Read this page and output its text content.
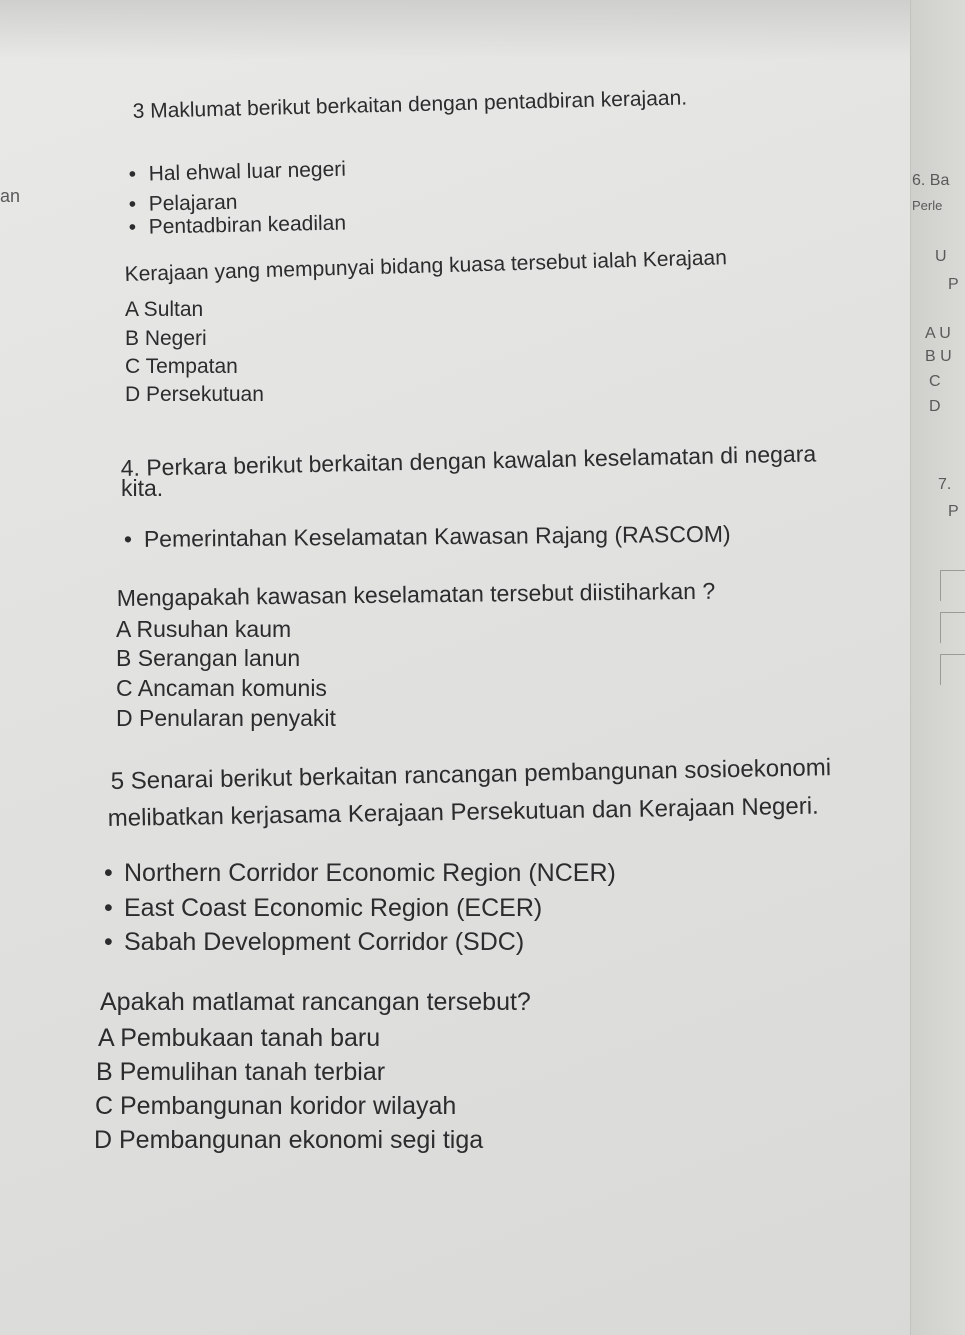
an

3 Maklumat berikut berkaitan dengan pentadbiran kerajaan.

• Hal ehwal luar negeri

• Pelajaran

• Pentadbiran keadilan

Kerajaan yang mempunyai bidang kuasa tersebut ialah Kerajaan

A Sultan

B Negeri

C Tempatan

D Persekutuan

6. Ba

Perle

U

P

A U

B U

C

D

7.

P

4. Perkara berikut berkaitan dengan kawalan keselamatan di negara

kita.

• Pemerintahan Keselamatan Kawasan Rajang (RASCOM)

Mengapakah kawasan keselamatan tersebut diistiharkan ?

A Rusuhan kaum

B Serangan lanun

C Ancaman komunis

D Penularan penyakit

5 Senarai berikut berkaitan rancangan pembangunan sosioekonomi

melibatkan kerjasama Kerajaan Persekutuan dan Kerajaan Negeri.

• Northern Corridor Economic Region (NCER)

• East Coast Economic Region (ECER)

• Sabah Development Corridor (SDC)

Apakah matlamat rancangan tersebut?

A Pembukaan tanah baru

B Pemulihan tanah terbiar

C Pembangunan koridor wilayah

D Pembangunan ekonomi segi tiga
